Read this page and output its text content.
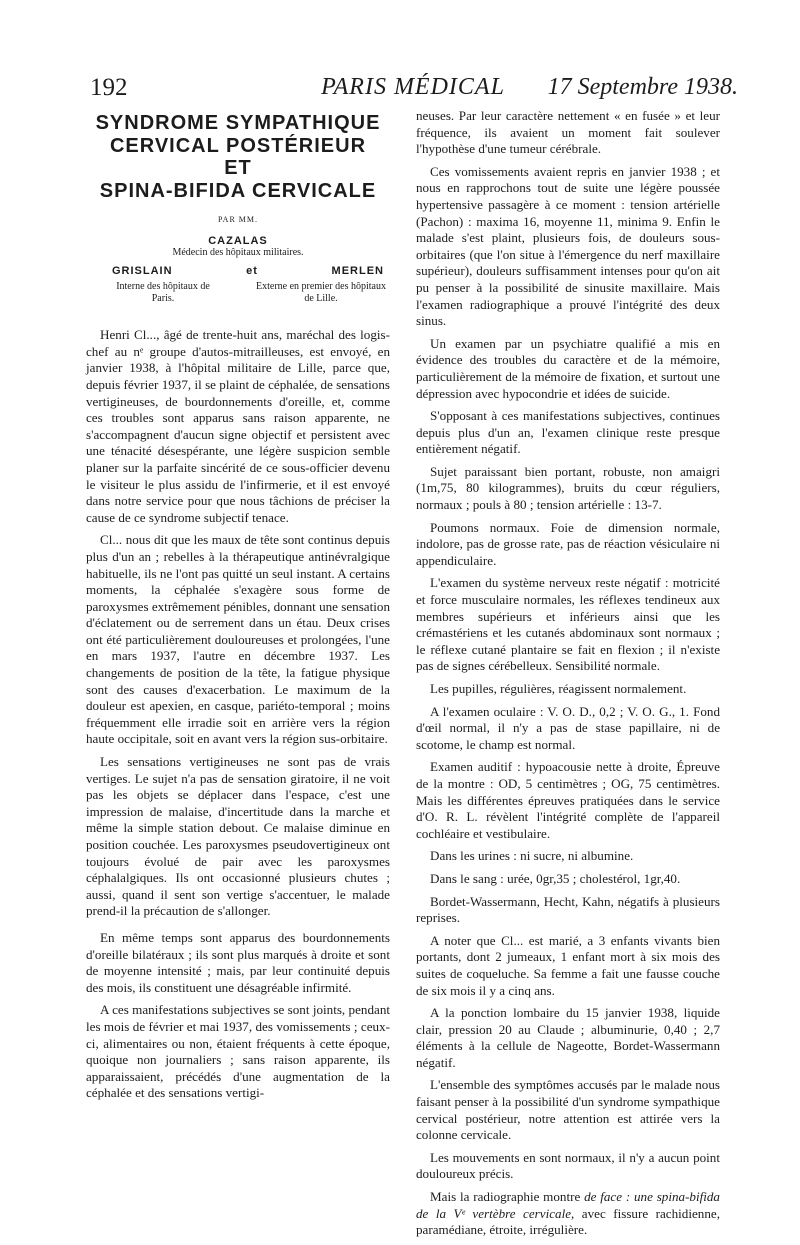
192	PARIS MÉDICAL	17 Septembre 1938.
SYNDROME SYMPATHIQUE
CERVICAL POSTÉRIEUR
ET
SPINA-BIFIDA CERVICALE
PAR MM.
CAZALAS
Médecin des hôpitaux militaires.
GRISLAIN	et	MERLEN
Interne des hôpitaux de Paris.
Externe en premier des hôpitaux de Lille.

Henri Cl..., âgé de trente-huit ans, maréchal des logis-chef au nᵉ groupe d'autos-mitrailleuses, est envoyé, en janvier 1938, à l'hôpital militaire de Lille, parce que, depuis février 1937, il se plaint de céphalée, de sensations vertigineuses, de bourdonnements d'oreille, et, comme ces troubles sont apparus sans raison apparente, ne s'accompagnent d'aucun signe objectif et persistent avec une ténacité désespérante, une légère suspicion semble planer sur la parfaite sincérité de ce sous-officier devenu le visiteur le plus assidu de l'infirmerie, et il est envoyé dans notre service pour que nous tâchions de préciser la cause de ce syndrome subjectif tenace.

Cl... nous dit que les maux de tête sont continus depuis plus d'un an ; rebelles à la thérapeutique antinévralgique habituelle, ils ne l'ont pas quitté un seul instant. A certains moments, la céphalée s'exagère sous forme de paroxysmes extrêmement pénibles, donnant une sensation d'éclatement ou de serrement dans un étau. Deux crises ont été particulièrement douloureuses et prolongées, l'une en mars 1937, l'autre en décembre 1937. Les changements de position de la tête, la fatigue physique sont des causes d'exacerbation. Le maximum de la douleur est apexien, en casque, pariéto-temporal ; moins fréquemment elle irradie soit en arrière vers la région haute occipitale, soit en avant vers la région sus-orbitaire.

Les sensations vertigineuses ne sont pas de vrais vertiges. Le sujet n'a pas de sensation giratoire, il ne voit pas les objets se déplacer dans l'espace, c'est une impression de malaise, d'incertitude dans la marche et même la simple station debout. Ce malaise diminue en position couchée. Les paroxysmes pseudovertigineux ont toujours évolué de pair avec les paroxysmes céphalalgiques. Ils ont occasionné plusieurs chutes ; aussi, quand il sent son vertige s'accentuer, le malade prend-il la précaution de s'allonger.

En même temps sont apparus des bourdonnements d'oreille bilatéraux ; ils sont plus marqués à droite et sont de moyenne intensité ; mais, par leur continuité depuis des mois, ils constituent une désagréable infirmité.

A ces manifestations subjectives se sont joints, pendant les mois de février et mai 1937, des vomissements ; ceux-ci, alimentaires ou non, étaient fréquents à cette époque, quoique non journaliers ; sans raison apparente, ils apparaissaient, précédés d'une augmentation de la céphalée et des sensations vertigi-

neuses. Par leur caractère nettement « en fusée » et leur fréquence, ils avaient un moment fait soulever l'hypothèse d'une tumeur cérébrale.

Ces vomissements avaient repris en janvier 1938 ; et nous en rapprochons tout de suite une légère poussée hypertensive passagère à ce moment : tension artérielle (Pachon) : maxima 16, moyenne 11, minima 9. Enfin le malade s'est plaint, plusieurs fois, de douleurs sous-orbitaires (que l'on situe à l'émergence du nerf maxillaire supérieur), douleurs suffisamment intenses pour qu'on ait pu penser à la possibilité de sinusite maxillaire. Mais l'examen radiographique a prouvé l'intégrité des deux sinus.

Un examen par un psychiatre qualifié a mis en évidence des troubles du caractère et de la mémoire, particulièrement de la mémoire de fixation, et surtout une dépression avec hypocondrie et idées de suicide.

S'opposant à ces manifestations subjectives, continues depuis plus d'un an, l'examen clinique reste presque entièrement négatif.

Sujet paraissant bien portant, robuste, non amaigri (1m,75, 80 kilogrammes), bruits du cœur réguliers, normaux ; pouls à 80 ; tension artérielle : 13-7.

Poumons normaux. Foie de dimension normale, indolore, pas de grosse rate, pas de réaction vésiculaire ni appendiculaire.

L'examen du système nerveux reste négatif : motricité et force musculaire normales, les réflexes tendineux aux membres supérieurs et inférieurs ainsi que les crémastériens et les cutanés abdominaux sont normaux ; le réflexe cutané plantaire se fait en flexion ; il n'existe pas de signes cérébelleux. Sensibilité normale.

Les pupilles, régulières, réagissent normalement.

A l'examen oculaire : V. O. D., 0,2 ; V. O. G., 1. Fond d'œil normal, il n'y a pas de stase papillaire, ni de scotome, le champ est normal.

Examen auditif : hypoacousie nette à droite, Épreuve de la montre : OD, 5 centimètres ; OG, 75 centimètres. Mais les différentes épreuves pratiquées dans le service d'O. R. L. révèlent l'intégrité complète de l'appareil cochléaire et vestibulaire.

Dans les urines : ni sucre, ni albumine.

Dans le sang : urée, 0gr,35 ; cholestérol, 1gr,40.

Bordet-Wassermann, Hecht, Kahn, négatifs à plusieurs reprises.

A noter que Cl... est marié, a 3 enfants vivants bien portants, dont 2 jumeaux, 1 enfant mort à six mois des suites de coqueluche. Sa femme a fait une fausse couche de six mois il y a cinq ans.

A la ponction lombaire du 15 janvier 1938, liquide clair, pression 20 au Claude ; albuminurie, 0,40 ; 2,7 éléments à la cellule de Nageotte, Bordet-Wassermann négatif.

L'ensemble des symptômes accusés par le malade nous faisant penser à la possibilité d'un syndrome sympathique cervical postérieur, notre attention est attirée vers la colonne cervicale.

Les mouvements en sont normaux, il n'y a aucun point douloureux précis.

Mais la radiographie montre de face : une spina-bifida de la Vᵉ vertèbre cervicale, avec fissure rachidienne, paramédiane, étroite, irrégulière.
